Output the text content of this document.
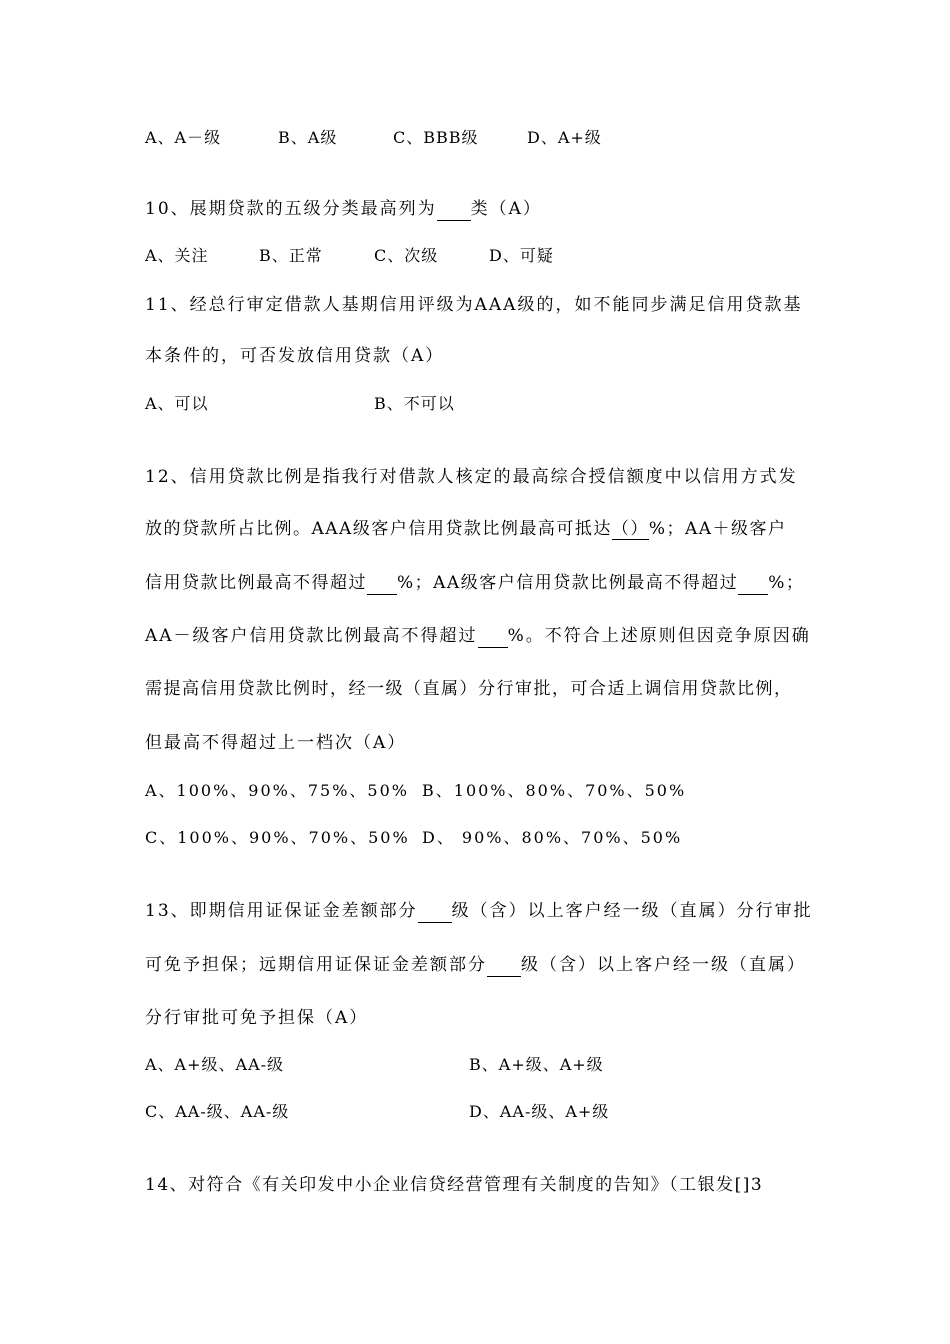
A、A－级	B、A级	C、BBB级	D、A+级
10、展期贷款的五级分类最高列为 类（A）
A、关注	B、正常	C、次级	D、可疑
11、经总行审定借款人基期信用评级为AAA级的，如不能同步满足信用贷款基
本条件的，可否发放信用贷款（A）
A、可以	B、不可以
12、信用贷款比例是指我行对借款人核定的最高综合授信额度中以信用方式发
放的贷款所占比例。AAA级客户信用贷款比例最高可抵达（）%；AA＋级客户
信用贷款比例最高不得超过 %；AA级客户信用贷款比例最高不得超过 %；
AA－级客户信用贷款比例最高不得超过 %。不符合上述原则但因竞争原因确
需提高信用贷款比例时，经一级（直属）分行审批，可合适上调信用贷款比例，
但最高不得超过上一档次（A）
A、100%、90%、75%、50% B、100%、80%、70%、50%
C、100%、90%、70%、50% D、 90%、80%、70%、50%
13、即期信用证保证金差额部分 级（含）以上客户经一级（直属）分行审批
可免予担保；远期信用证保证金差额部分 级（含）以上客户经一级（直属）
分行审批可免予担保（A）
A、A+级、AA-级	B、A+级、A+级
C、AA-级、AA-级	D、AA-级、A+级
14、对符合《有关印发中小企业信贷经营管理有关制度的告知》（工银发[]3
